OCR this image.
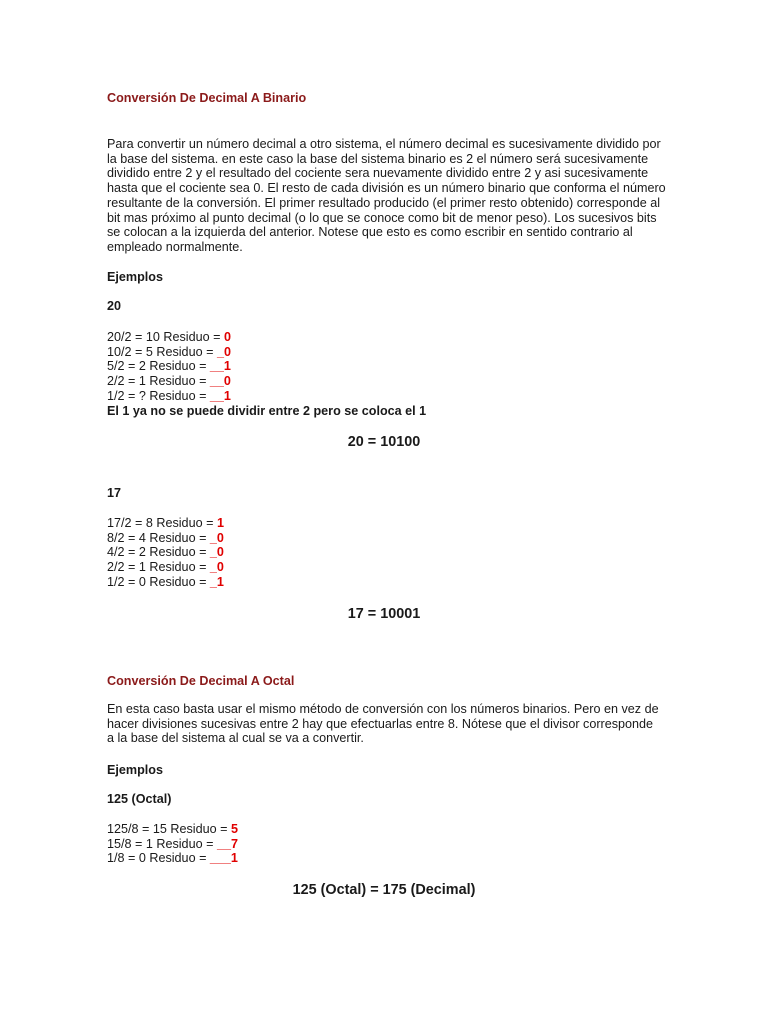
Conversión De Decimal A Binario
Para convertir un número decimal a otro sistema, el número decimal es sucesivamente dividido por la base del sistema. en este caso la base del sistema binario es 2 el número será sucesivamente dividido entre 2 y el resultado del cociente sera nuevamente dividido entre 2 y asi sucesivamente hasta que el cociente sea 0. El resto de cada división es un número binario que conforma el número resultante de la conversión. El primer resultado producido (el primer resto obtenido) corresponde al bit mas próximo al punto decimal (o lo que se conoce como bit de menor peso). Los sucesivos bits se colocan a la izquierda del anterior. Notese que esto es como escribir en sentido contrario al empleado normalmente.
Ejemplos
20
20/2 = 10 Residuo = 0
10/2 = 5 Residuo = _0
5/2 = 2 Residuo = __1
2/2 = 1 Residuo = __0
1/2 = ? Residuo = __1
El 1 ya no se puede dividir entre 2 pero se coloca el 1
20 = 10100
17
17/2 = 8 Residuo = 1
8/2 = 4 Residuo = _0
4/2 = 2 Residuo = _0
2/2 = 1 Residuo = _0
1/2 = 0 Residuo = _1
17 = 10001
Conversión De Decimal A Octal
En esta caso basta usar el mismo método de conversión con los números binarios. Pero en vez de hacer divisiones sucesivas entre 2 hay que efectuarlas entre 8. Nótese que el divisor corresponde a la base del sistema al cual se va a convertir.
Ejemplos
125 (Octal)
125/8 = 15 Residuo = 5
15/8 = 1 Residuo = __7
1/8 = 0 Residuo = ___1
125 (Octal) = 175 (Decimal)
